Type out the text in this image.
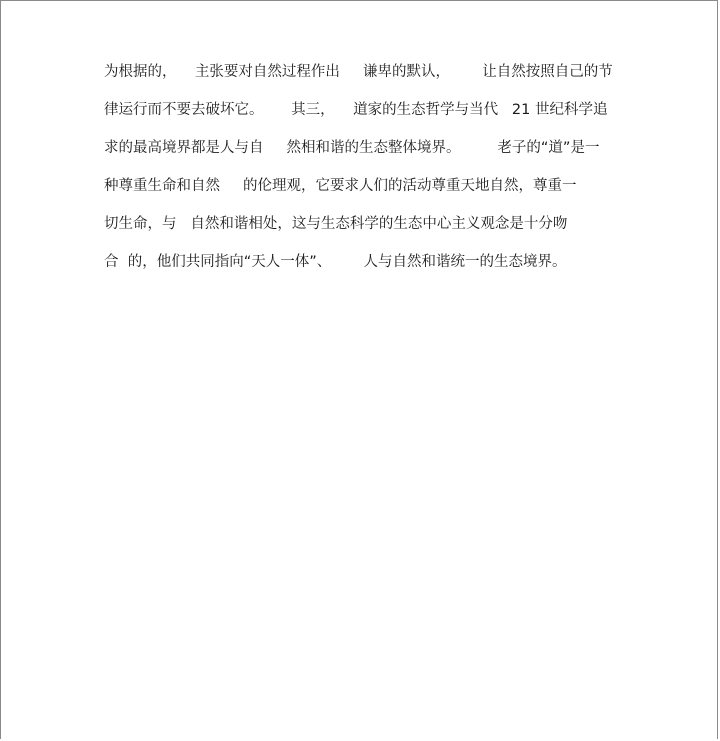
为根据的，    主张要对自然过程作出     谦卑的默认，       让自然按照自己的节
律运行而不要去破坏它。      其三，    道家的生态哲学与当代   21 世纪科学追
求的最高境界都是人与自     然相和谐的生态整体境界。        老子的“道”是一
种尊重生命和自然     的伦理观，它要求人们的活动尊重天地自然，尊重一
切生命，与   自然和谐相处，这与生态科学的生态中心主义观念是十分吻
合  的，他们共同指向“天人一体”、       人与自然和谐统一的生态境界。
